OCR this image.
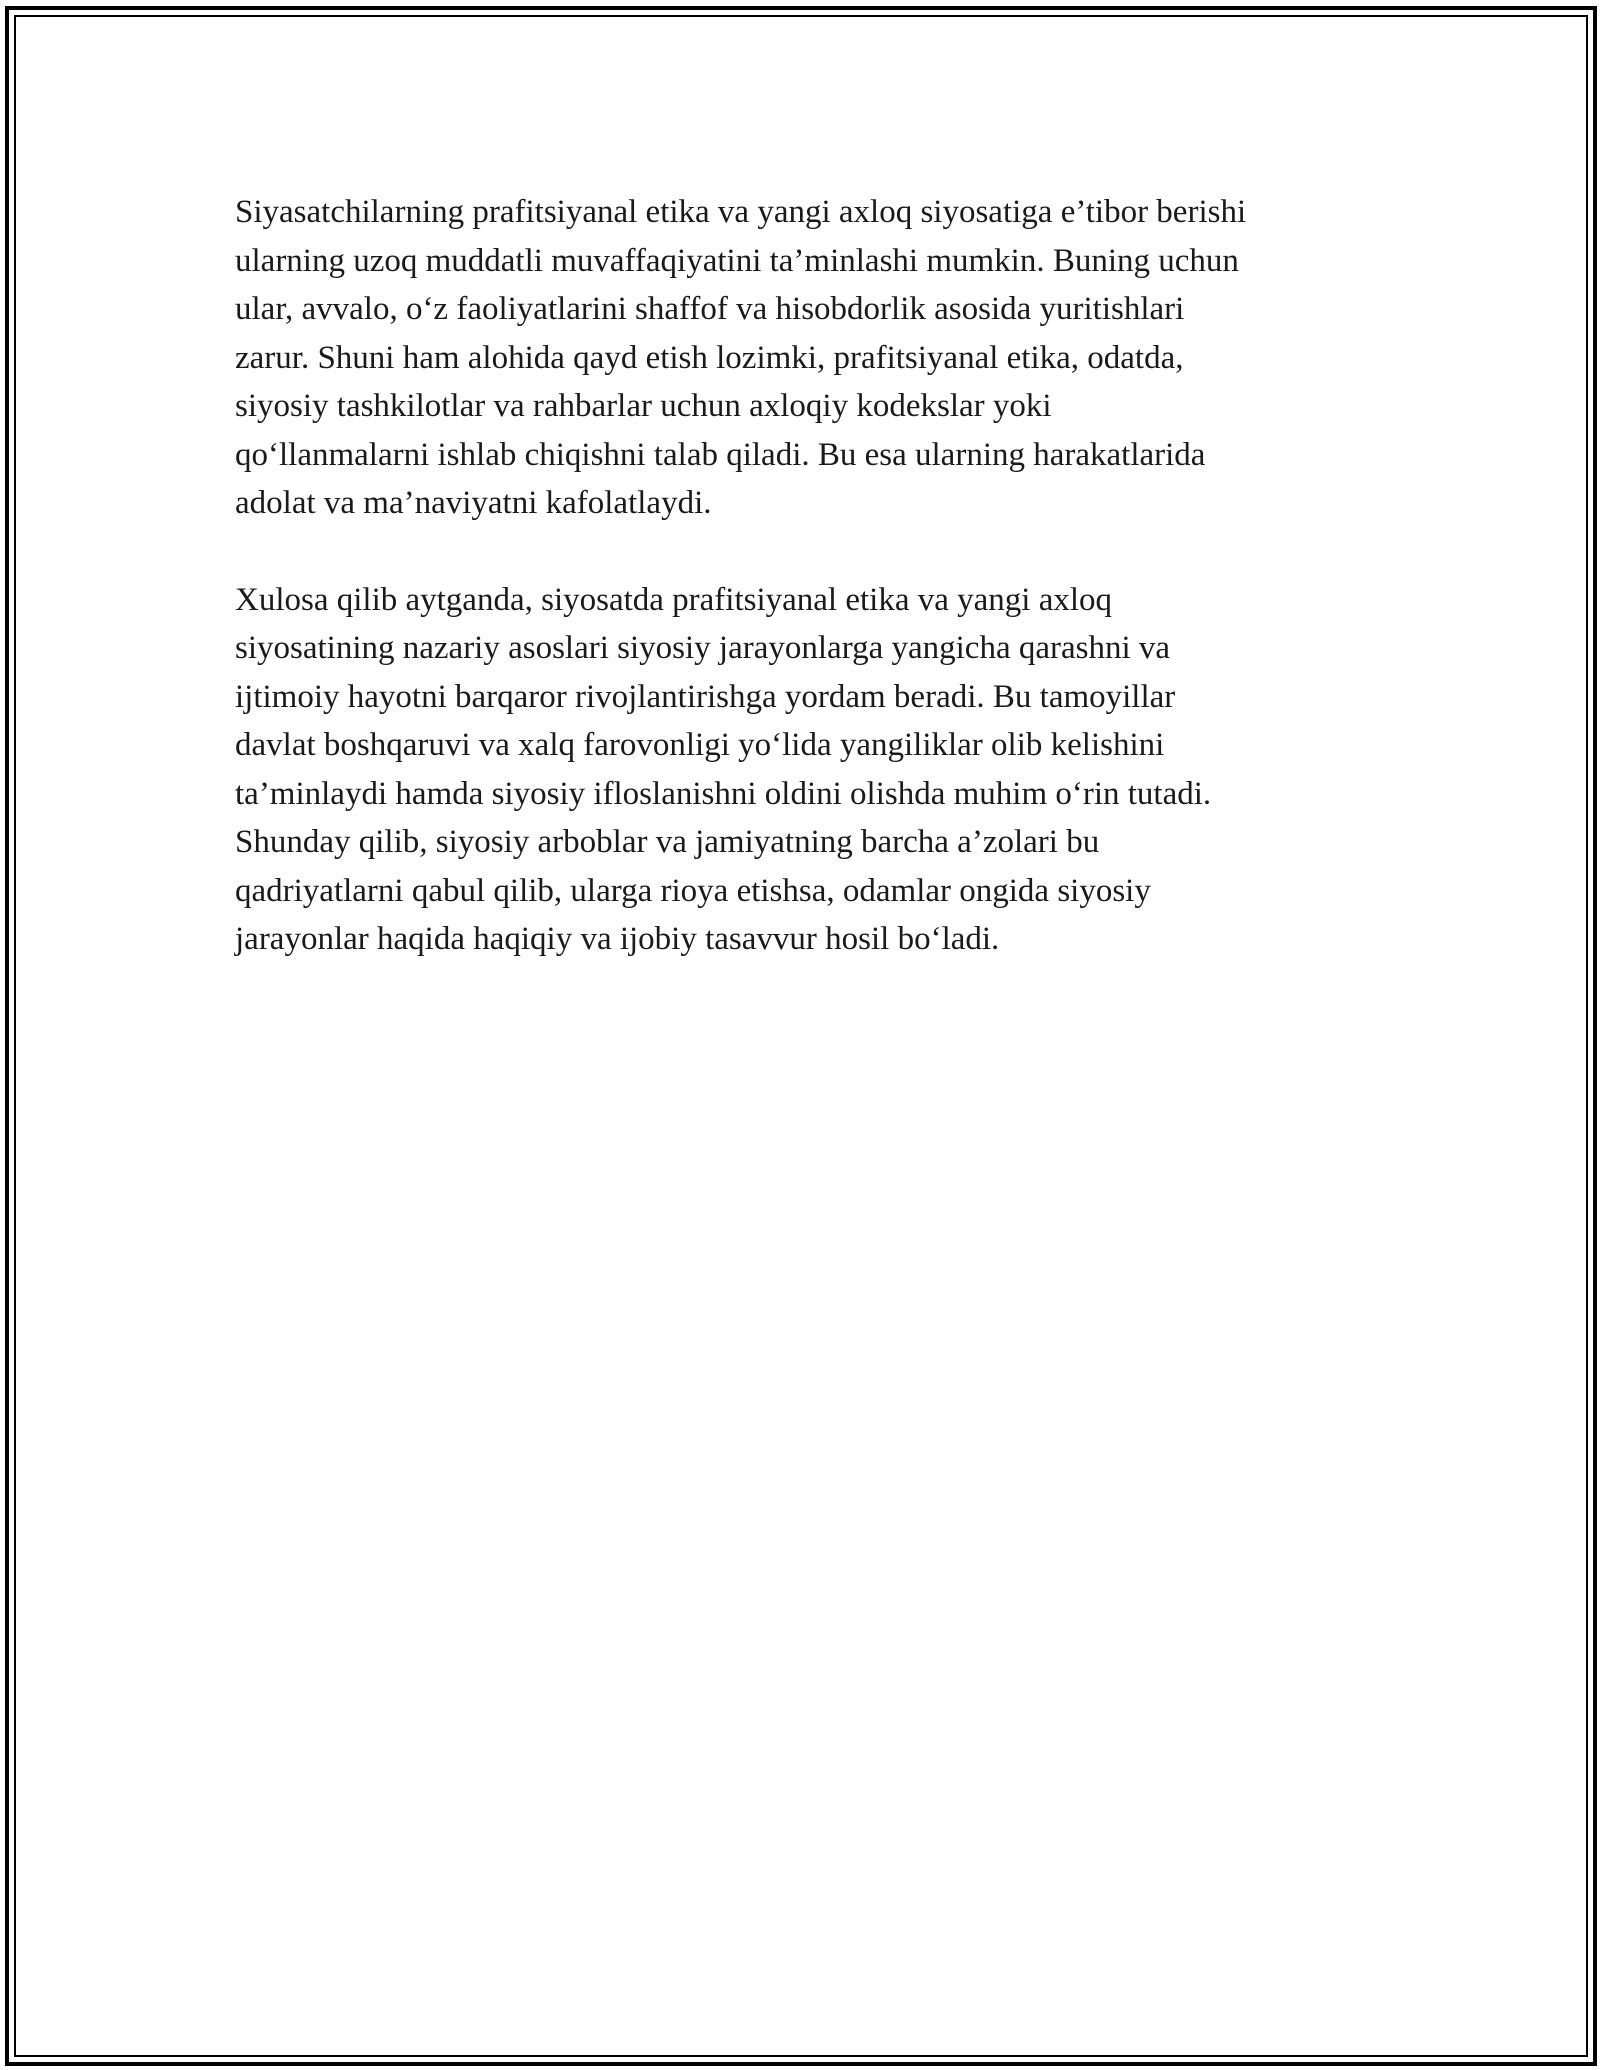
Siyasatchilarning prafitsiyanal etika va yangi axloq siyosatiga e’tibor berishi
ularning uzoq muddatli muvaffaqiyatini ta’minlashi mumkin. Buning uchun
ular, avvalo, o‘z faoliyatlarini shaffof va hisobdorlik asosida yuritishlari
zarur. Shuni ham alohida qayd etish lozimki, prafitsiyanal etika, odatda,
siyosiy tashkilotlar va rahbarlar uchun axloqiy kodekslar yoki
qo‘llanmalarni ishlab chiqishni talab qiladi. Bu esa ularning harakatlarida
adolat va ma’naviyatni kafolatlaydi.

Xulosa qilib aytganda, siyosatda prafitsiyanal etika va yangi axloq
siyosatining nazariy asoslari siyosiy jarayonlarga yangicha qarashni va
ijtimoiy hayotni barqaror rivojlantirishga yordam beradi. Bu tamoyillar
davlat boshqaruvi va xalq farovonligi yo‘lida yangiliklar olib kelishini
ta’minlaydi hamda siyosiy ifloslanishni oldini olishda muhim o‘rin tutadi.
Shunday qilib, siyosiy arboblar va jamiyatning barcha a’zolari bu
qadriyatlarni qabul qilib, ularga rioya etishsa, odamlar ongida siyosiy
jarayonlar haqida haqiqiy va ijobiy tasavvur hosil bo‘ladi.
